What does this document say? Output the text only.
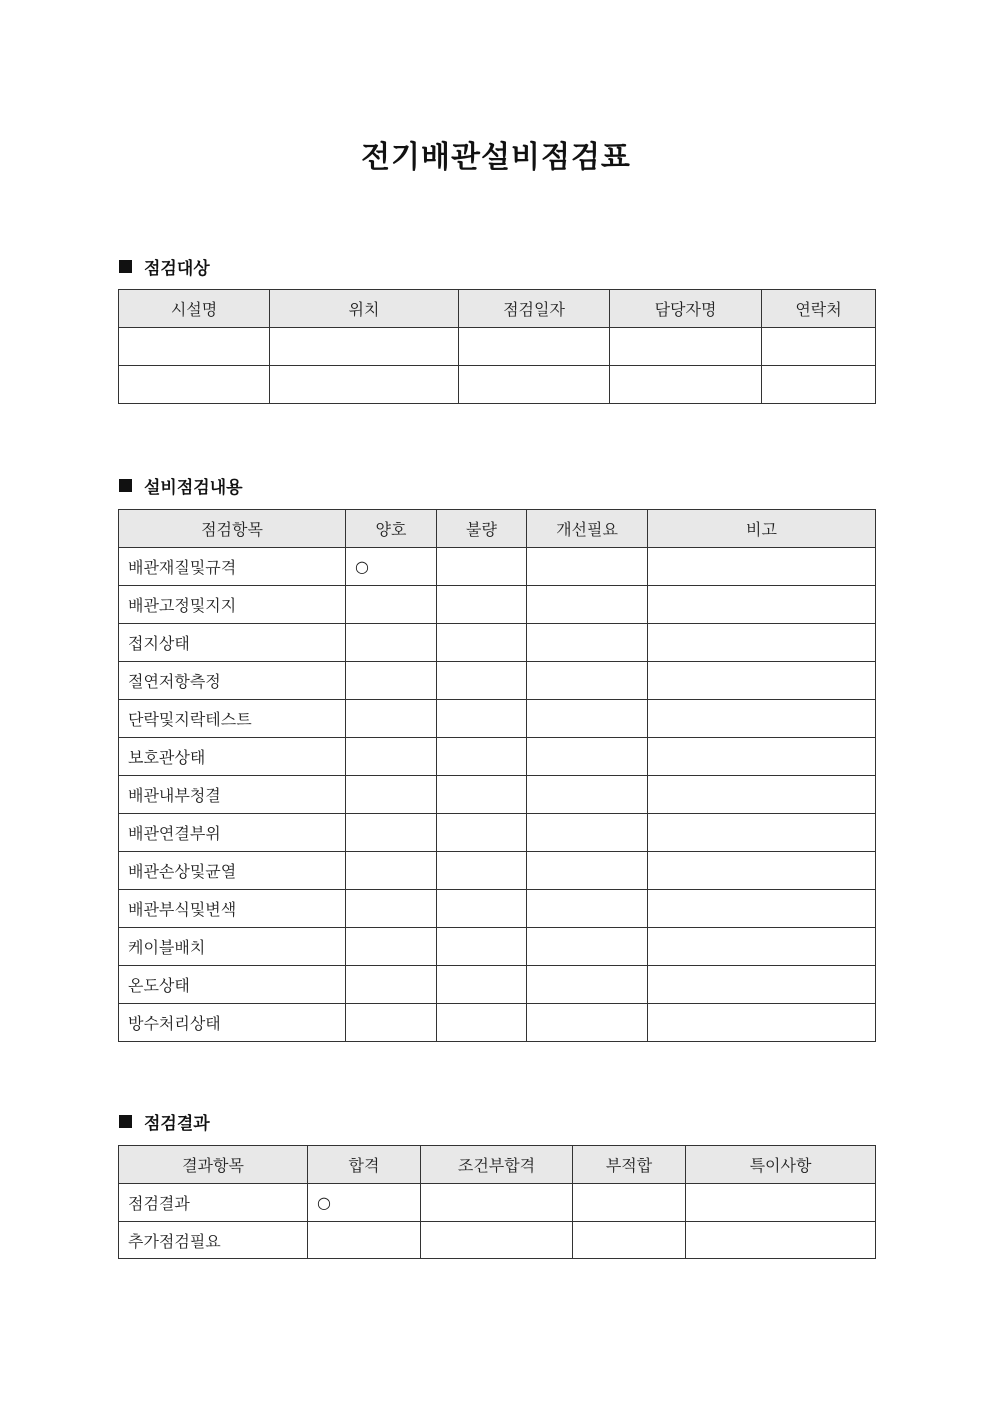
전기배관설비점검표
점검대상
시설명	위치	점검일자	담당자명	연락처

설비점검내용
점검항목	양호	불량	개선필요	비고
배관재질및규격	○			
배관고정및지지				
접지상태				
절연저항측정				
단락및지락테스트				
보호관상태				
배관내부청결				
배관연결부위				
배관손상및균열				
배관부식및변색				
케이블배치				
온도상태				
방수처리상태				
점검결과
결과항목	합격	조건부합격	부적합	특이사항
점검결과	○			
추가점검필요				
